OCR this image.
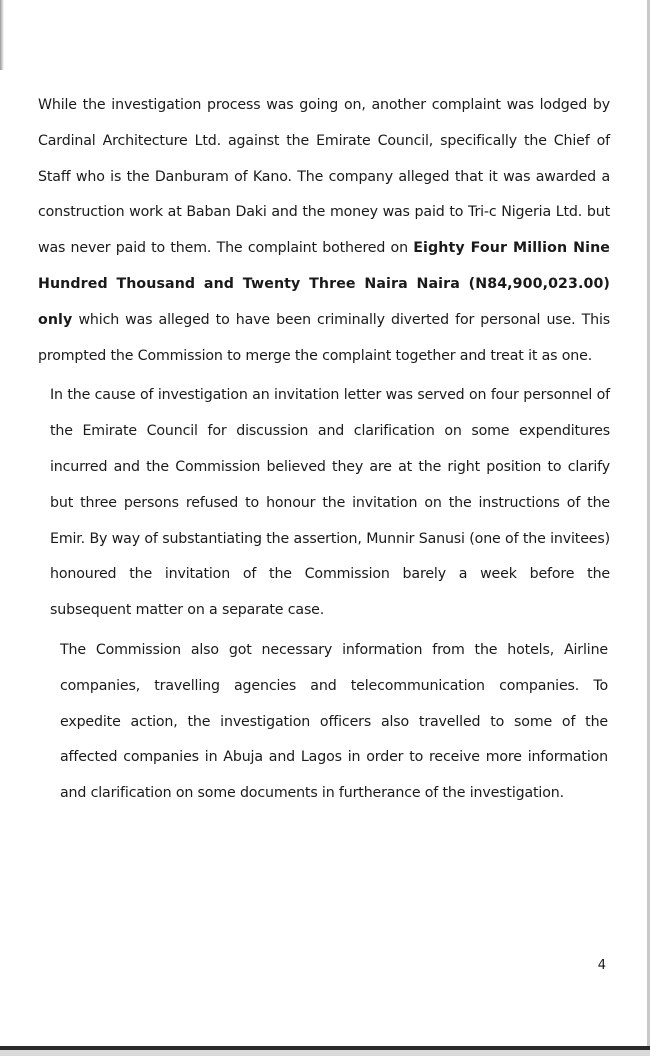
While the investigation process was going on, another complaint was lodged by Cardinal Architecture Ltd. against the Emirate Council, specifically the Chief of Staff who is the Danburam of Kano. The company alleged that it was awarded a construction work at Baban Daki and the money was paid to Tri-c Nigeria Ltd. but was never paid to them. The complaint bothered on Eighty Four Million Nine Hundred Thousand and Twenty Three Naira Naira (N84,900,023.00) only which was alleged to have been criminally diverted for personal use. This prompted the Commission to merge the complaint together and treat it as one.

In the cause of investigation an invitation letter was served on four personnel of the Emirate Council for discussion and clarification on some expenditures incurred and the Commission believed they are at the right position to clarify but three persons refused to honour the invitation on the instructions of the Emir. By way of substantiating the assertion, Munnir Sanusi (one of the invitees) honoured the invitation of the Commission barely a week before the subsequent matter on a separate case.

The Commission also got necessary information from the hotels, Airline companies, travelling agencies and telecommunication companies. To expedite action, the investigation officers also travelled to some of the affected companies in Abuja and Lagos in order to receive more information and clarification on some documents in furtherance of the investigation.

4
